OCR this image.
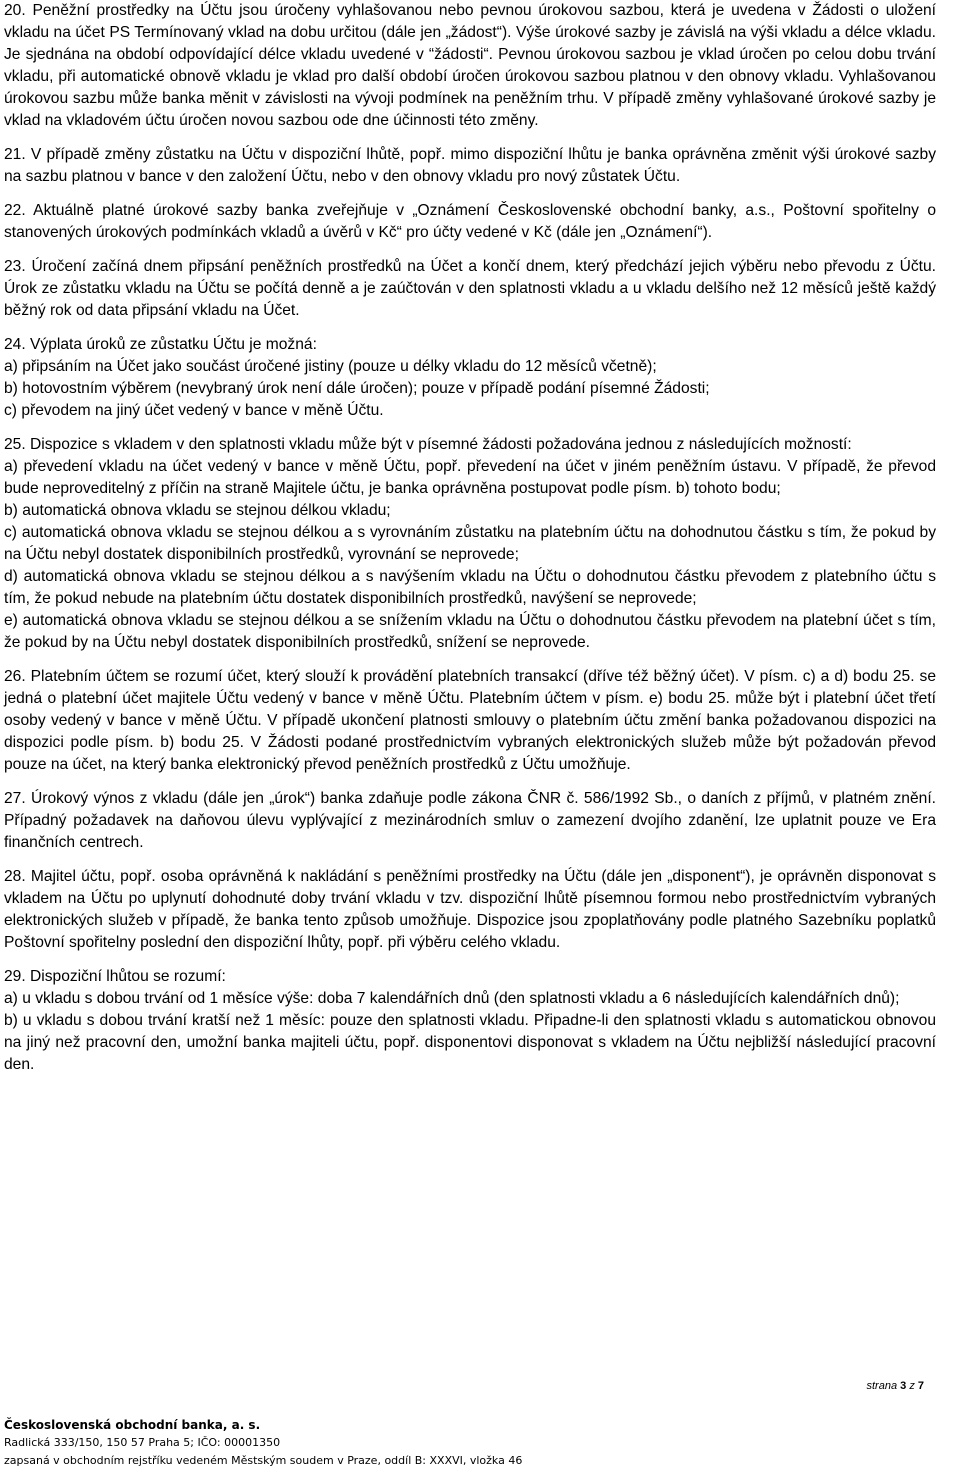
20. Peněžní prostředky na Účtu jsou úročeny vyhlašovanou nebo pevnou úrokovou sazbou, která je uvedena v Žádosti o uložení vkladu na účet PS Termínovaný vklad na dobu určitou (dále jen „žádost“). Výše úrokové sazby je závislá na výši vkladu a délce vkladu. Je sjednána na období odpovídající délce vkladu uvedené v “žádosti“. Pevnou úrokovou sazbou je vklad úročen po celou dobu trvání vkladu, při automatické obnově vkladu je vklad pro další období úročen úrokovou sazbou platnou v den obnovy vkladu. Vyhlašovanou úrokovou sazbu může banka měnit v závislosti na vývoji podmínek na peněžním trhu. V případě změny vyhlašované úrokové sazby je vklad na vkladovém účtu úročen novou sazbou ode dne účinnosti této změny.

21. V případě změny zůstatku na Účtu v dispoziční lhůtě, popř. mimo dispoziční lhůtu je banka oprávněna změnit výši úrokové sazby na sazbu platnou v bance v den založení Účtu, nebo v den obnovy vkladu pro nový zůstatek Účtu.

22. Aktuálně platné úrokové sazby banka zveřejňuje v „Oznámení Československé obchodní banky, a.s., Poštovní spořitelny o stanovených úrokových podmínkách vkladů a úvěrů v Kč“ pro účty vedené v Kč (dále jen „Oznámení“).

23. Úročení začíná dnem připsání peněžních prostředků na Účet a končí dnem, který předchází jejich výběru nebo převodu z Účtu. Úrok ze zůstatku vkladu na Účtu se počítá denně a je zaúčtován v den splatnosti vkladu a u vkladu delšího než 12 měsíců ještě každý běžný rok od data připsání vkladu na Účet.

24. Výplata úroků ze zůstatku Účtu je možná:

a) připsáním na Účet jako součást úročené jistiny (pouze u délky vkladu do 12 měsíců včetně);

b) hotovostním výběrem (nevybraný úrok není dále úročen); pouze v případě podání písemné Žádosti;

c) převodem na jiný účet vedený v bance v měně Účtu.

25. Dispozice s vkladem v den splatnosti vkladu může být v písemné žádosti požadována jednou z následujících možností:

a) převedení vkladu na účet vedený v bance v měně Účtu, popř. převedení na účet v jiném peněžním ústavu. V případě, že převod bude neproveditelný z příčin na straně Majitele účtu, je banka oprávněna postupovat podle písm. b) tohoto bodu;

b) automatická obnova vkladu se stejnou délkou vkladu;

c) automatická obnova vkladu se stejnou délkou a s vyrovnáním zůstatku na platebním účtu na dohodnutou částku s tím, že pokud by na Účtu nebyl dostatek disponibilních prostředků, vyrovnání se neprovede;

d) automatická obnova vkladu se stejnou délkou a s navýšením vkladu na Účtu o dohodnutou částku převodem z platebního účtu s tím, že pokud nebude na platebním účtu dostatek disponibilních prostředků, navýšení se neprovede;

e) automatická obnova vkladu se stejnou délkou a se snížením vkladu na Účtu o dohodnutou částku převodem na platební účet s tím, že pokud by na Účtu nebyl dostatek disponibilních prostředků, snížení se neprovede.

26. Platebním účtem se rozumí účet, který slouží k provádění platebních transakcí (dříve též běžný účet). V písm. c) a d) bodu 25. se jedná o platební účet majitele Účtu vedený v bance v měně Účtu. Platebním účtem v písm. e) bodu 25. může být i platební účet třetí osoby vedený v bance v měně Účtu. V případě ukončení platnosti smlouvy o platebním účtu změní banka požadovanou dispozici na dispozici podle písm. b) bodu 25. V Žádosti podané prostřednictvím vybraných elektronických služeb může být požadován převod pouze na účet, na který banka elektronický převod peněžních prostředků z Účtu umožňuje.

27. Úrokový výnos z vkladu (dále jen „úrok“) banka zdaňuje podle zákona ČNR č. 586/1992 Sb., o daních z příjmů, v platném znění. Případný požadavek na daňovou úlevu vyplývající z mezinárodních smluv o zamezení dvojího zdanění, lze uplatnit pouze ve Era finančních centrech.

28. Majitel účtu, popř. osoba oprávněná k nakládání s peněžními prostředky na Účtu (dále jen „disponent“), je oprávněn disponovat s vkladem na Účtu po uplynutí dohodnuté doby trvání vkladu v tzv. dispoziční lhůtě písemnou formou nebo prostřednictvím vybraných elektronických služeb v případě, že banka tento způsob umožňuje. Dispozice jsou zpoplatňovány podle platného Sazebníku poplatků Poštovní spořitelny poslední den dispoziční lhůty, popř. při výběru celého vkladu.

29. Dispoziční lhůtou se rozumí:

a) u vkladu s dobou trvání od 1 měsíce výše: doba 7 kalendářních dnů (den splatnosti vkladu a 6 následujících kalendářních dnů);

b) u vkladu s dobou trvání kratší než 1 měsíc: pouze den splatnosti vkladu. Připadne-li den splatnosti vkladu s automatickou obnovou na jiný než pracovní den, umožní banka majiteli účtu, popř. disponentovi disponovat s vkladem na Účtu nejbližší následující pracovní den.

strana 3 z 7
Československá obchodní banka, a. s.
Radlická 333/150, 150 57 Praha 5; IČO: 00001350
zapsaná v obchodním rejstříku vedeném Městským soudem v Praze, oddíl B: XXXVI, vložka 46
